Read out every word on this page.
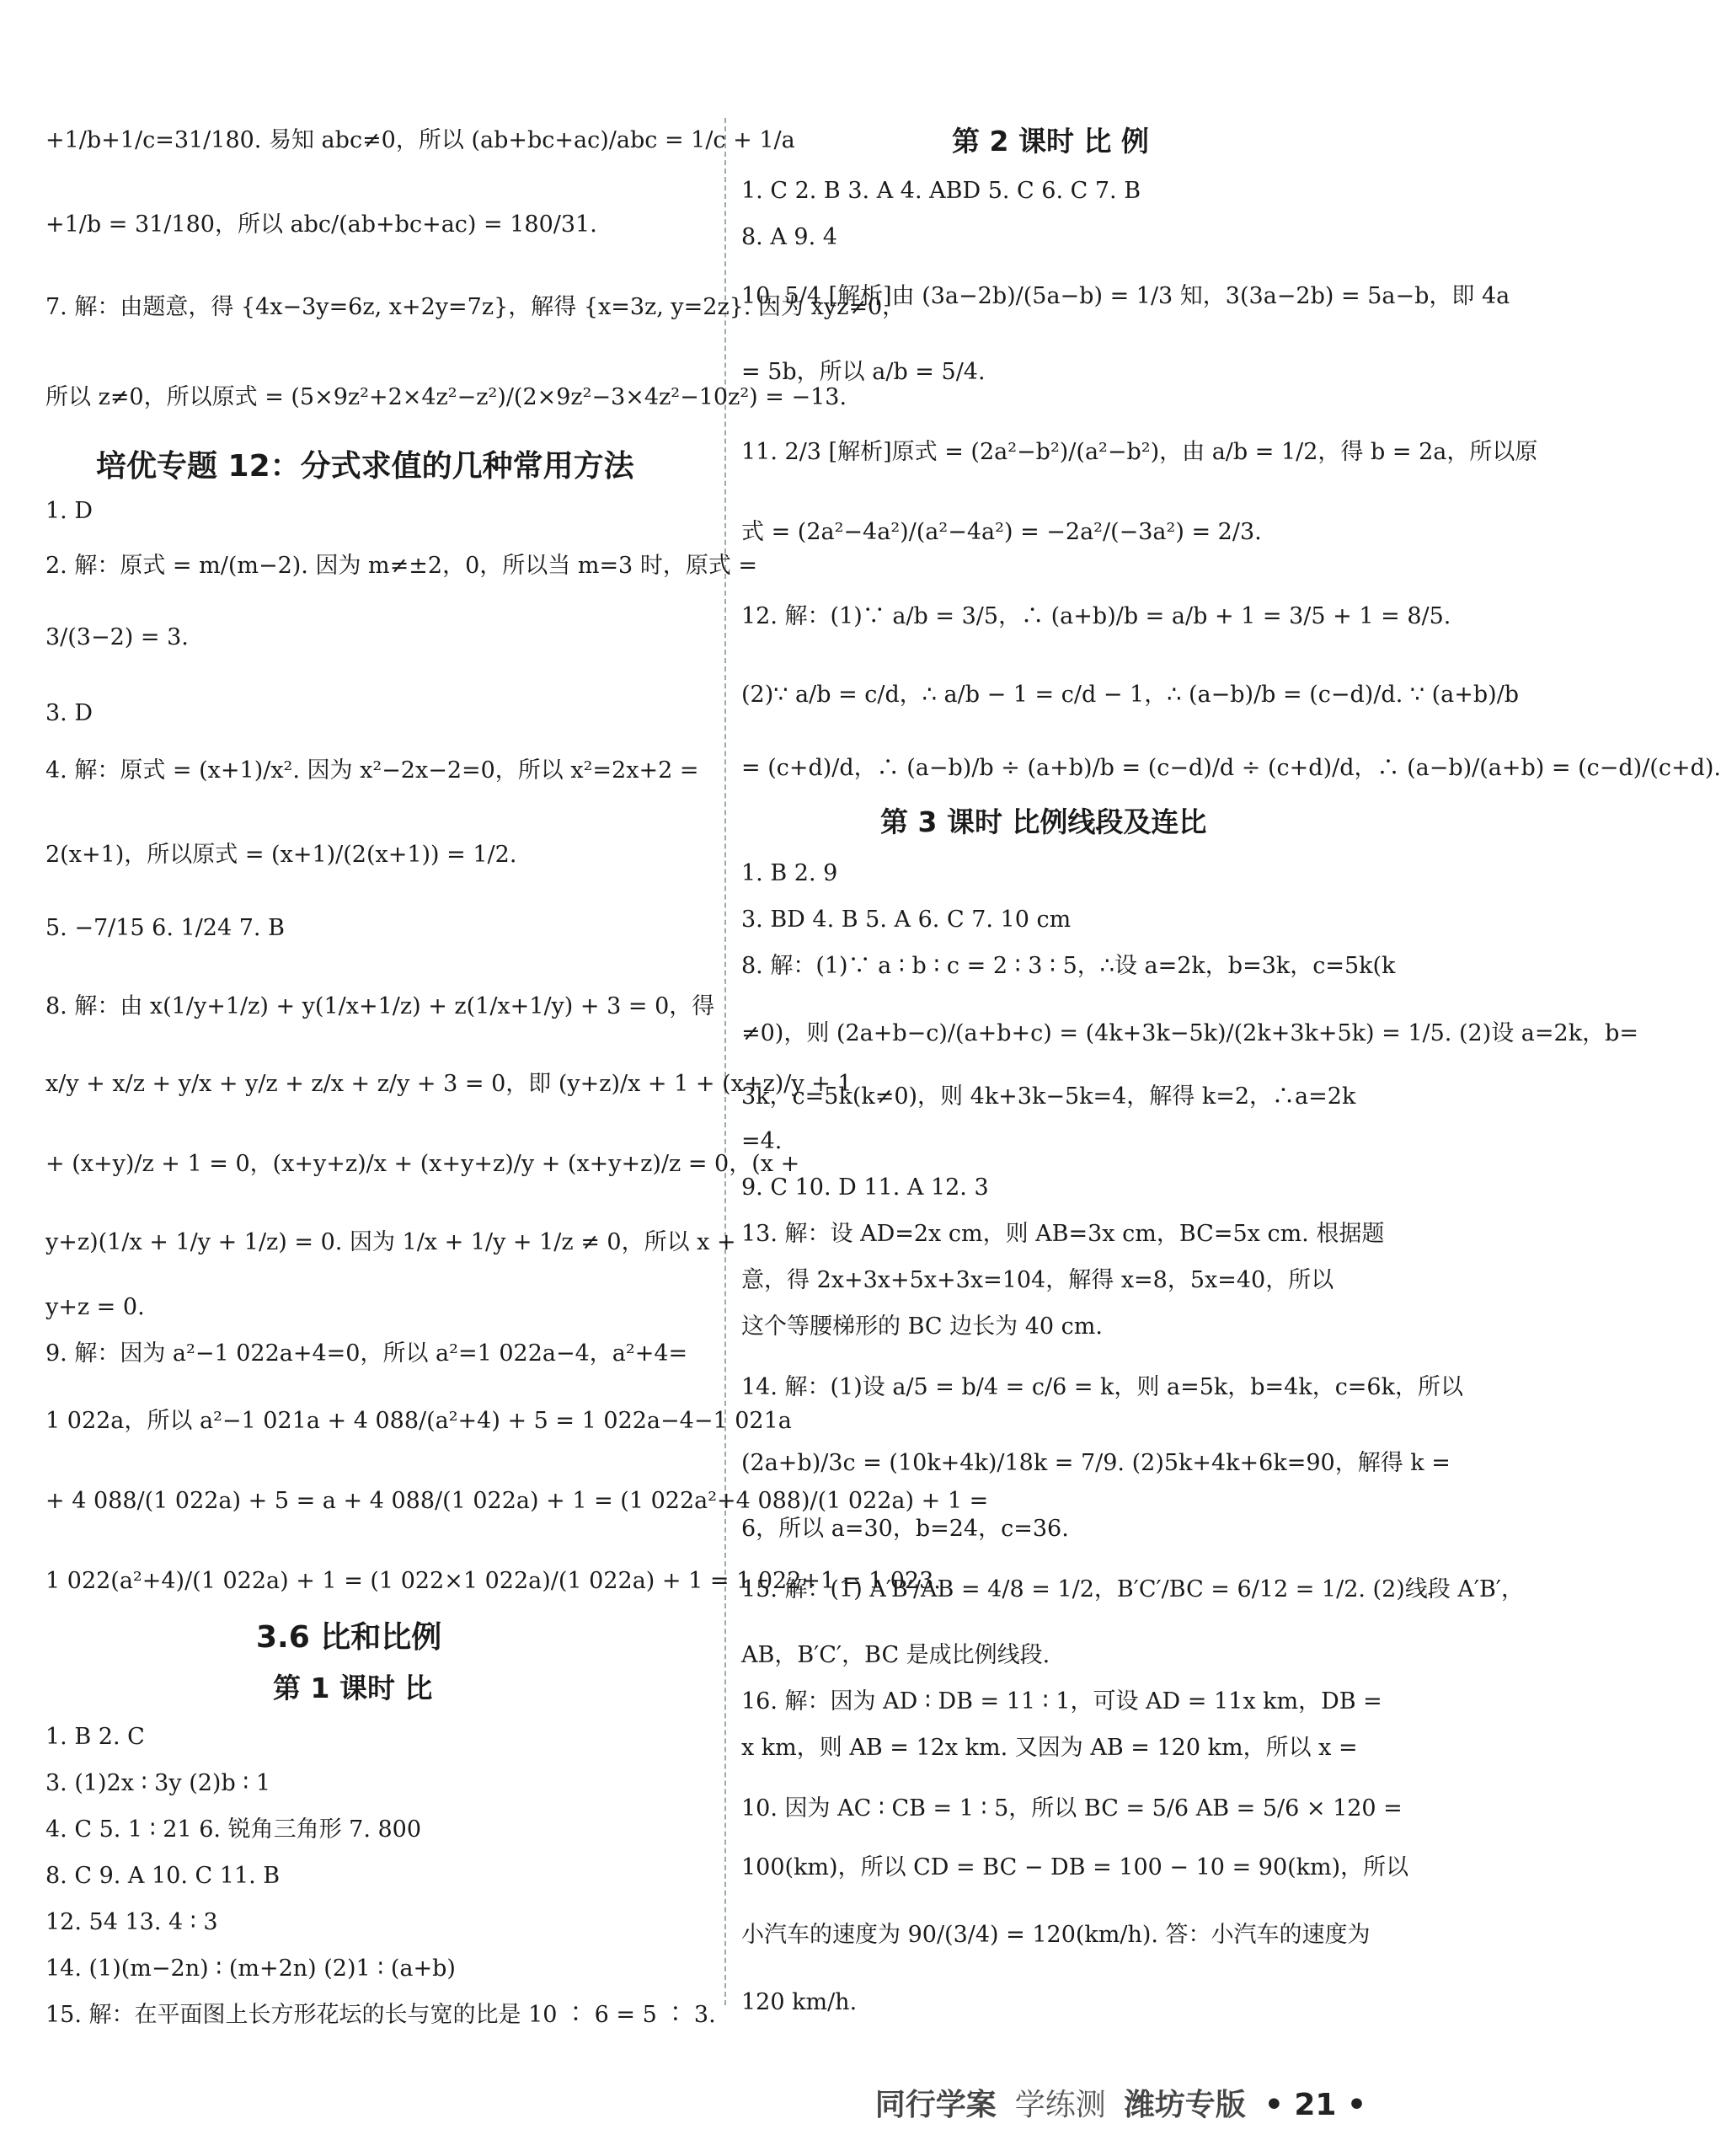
+1/b+1/c=31/180. 易知 abc≠0，所以 (ab+bc+ac)/abc = 1/c + 1/a
+1/b = 31/180，所以 abc/(ab+bc+ac) = 180/31.
7. 解：由题意，得 {4x−3y=6z, x+2y=7z}，解得 {x=3z, y=2z}. 因为 xyz≠0，
所以 z≠0，所以原式 = (5×9z²+2×4z²−z²)/(2×9z²−3×4z²−10z²) = −13.
培优专题 12：分式求值的几种常用方法
1. D
2. 解：原式 = m/(m−2). 因为 m≠±2，0，所以当 m=3 时，原式 =
3/(3−2) = 3.
3. D
4. 解：原式 = (x+1)/x². 因为 x²−2x−2=0，所以 x²=2x+2 =
2(x+1)，所以原式 = (x+1)/(2(x+1)) = 1/2.
5. −7/15 6. 1/24 7. B
8. 解：由 x(1/y+1/z) + y(1/x+1/z) + z(1/x+1/y) + 3 = 0，得
x/y + x/z + y/x + y/z + z/x + z/y + 3 = 0，即 (y+z)/x + 1 + (x+z)/y + 1
+ (x+y)/z + 1 = 0，(x+y+z)/x + (x+y+z)/y + (x+y+z)/z = 0，(x +
y+z)(1/x + 1/y + 1/z) = 0. 因为 1/x + 1/y + 1/z ≠ 0，所以 x +
y+z = 0.
9. 解：因为 a²−1 022a+4=0，所以 a²=1 022a−4，a²+4=
1 022a，所以 a²−1 021a + 4 088/(a²+4) + 5 = 1 022a−4−1 021a
+ 4 088/(1 022a) + 5 = a + 4 088/(1 022a) + 1 = (1 022a²+4 088)/(1 022a) + 1 =
1 022(a²+4)/(1 022a) + 1 = (1 022×1 022a)/(1 022a) + 1 = 1 022+1 = 1 023.
3.6 比和比例
第 1 课时 比
1. B 2. C
3. (1)2x ∶ 3y (2)b ∶ 1
4. C 5. 1 ∶ 21 6. 锐角三角形 7. 800
8. C 9. A 10. C 11. B
12. 54 13. 4 ∶ 3
14. (1)(m−2n) ∶ (m+2n) (2)1 ∶ (a+b)
15. 解：在平面图上长方形花坛的长与宽的比是 10 ∶ 6 = 5 ∶ 3.
第 2 课时 比 例
1. C 2. B 3. A 4. ABD 5. C 6. C 7. B
8. A 9. 4
10. 5/4 [解析]由 (3a−2b)/(5a−b) = 1/3 知，3(3a−2b) = 5a−b，即 4a
= 5b，所以 a/b = 5/4.
11. 2/3 [解析]原式 = (2a²−b²)/(a²−b²)，由 a/b = 1/2，得 b = 2a，所以原
式 = (2a²−4a²)/(a²−4a²) = −2a²/(−3a²) = 2/3.
12. 解：(1)∵ a/b = 3/5，∴ (a+b)/b = a/b + 1 = 3/5 + 1 = 8/5.
(2)∵ a/b = c/d，∴ a/b − 1 = c/d − 1，∴ (a−b)/b = (c−d)/d. ∵ (a+b)/b
= (c+d)/d，∴ (a−b)/b ÷ (a+b)/b = (c−d)/d ÷ (c+d)/d，∴ (a−b)/(a+b) = (c−d)/(c+d).
第 3 课时 比例线段及连比
1. B 2. 9
3. BD 4. B 5. A 6. C 7. 10 cm
8. 解：(1)∵ a ∶ b ∶ c = 2 ∶ 3 ∶ 5，∴设 a=2k，b=3k，c=5k(k
≠0)，则 (2a+b−c)/(a+b+c) = (4k+3k−5k)/(2k+3k+5k) = 1/5. (2)设 a=2k，b=
3k，c=5k(k≠0)，则 4k+3k−5k=4，解得 k=2，∴a=2k
=4.
9. C 10. D 11. A 12. 3
13. 解：设 AD=2x cm，则 AB=3x cm，BC=5x cm. 根据题
意，得 2x+3x+5x+3x=104，解得 x=8，5x=40，所以
这个等腰梯形的 BC 边长为 40 cm.
14. 解：(1)设 a/5 = b/4 = c/6 = k，则 a=5k，b=4k，c=6k，所以
(2a+b)/3c = (10k+4k)/18k = 7/9. (2)5k+4k+6k=90，解得 k =
6，所以 a=30，b=24，c=36.
15. 解：(1) A′B′/AB = 4/8 = 1/2，B′C′/BC = 6/12 = 1/2. (2)线段 A′B′，
AB，B′C′，BC 是成比例线段.
16. 解：因为 AD ∶ DB = 11 ∶ 1，可设 AD = 11x km，DB =
x km，则 AB = 12x km. 又因为 AB = 120 km，所以 x =
10. 因为 AC ∶ CB = 1 ∶ 5，所以 BC = 5/6 AB = 5/6 × 120 =
100(km)，所以 CD = BC − DB = 100 − 10 = 90(km)，所以
小汽车的速度为 90/(3/4) = 120(km/h). 答：小汽车的速度为
120 km/h.
同行学案 学练测 潍坊专版 • 21 •
